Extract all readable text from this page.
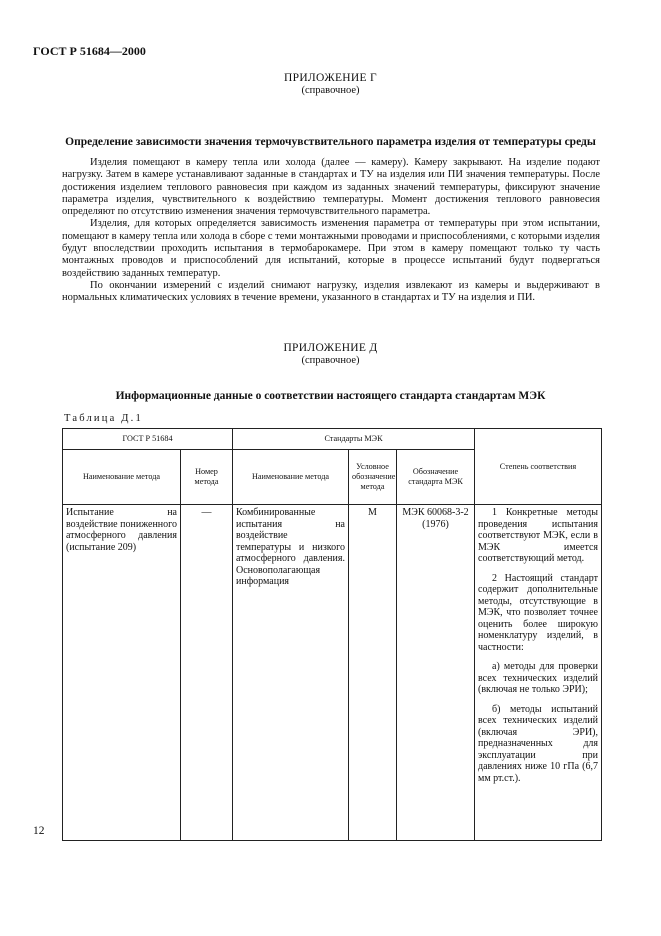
ГОСТ Р 51684—2000
ПРИЛОЖЕНИЕ Г
(справочное)
Определение зависимости значения термочувствительного параметра изделия от температуры среды

Изделия помещают в камеру тепла или холода (далее — камеру). Камеру закрывают. На изделие подают нагрузку. Затем в камере устанавливают заданные в стандартах и ТУ на изделия или ПИ значения температуры. После достижения изделием теплового равновесия при каждом из заданных значений температуры, фиксируют значение параметра изделия, чувствительного к воздействию температуры. Момент достижения теплового равновесия определяют по отсутствию изменения значения термочувствительного параметра.

Изделия, для которых определяется зависимость изменения параметра от температуры при этом испытании, помещают в камеру тепла или холода в сборе с теми монтажными проводами и приспособлениями, с которыми изделия будут впоследствии проходить испытания в термобарокамере. При этом в камеру помещают только ту часть монтажных проводов и приспособлений для испытаний, которые в процессе испытаний будут подвергаться воздействию заданных температур.

По окончании измерений с изделий снимают нагрузку, изделия извлекают из камеры и выдерживают в нормальных климатических условиях в течение времени, указанного в стандартах и ТУ на изделия и ПИ.

ПРИЛОЖЕНИЕ Д
(справочное)
Информационные данные о соответствии настоящего стандарта стандартам МЭК
Таблица Д.1
ГОСТ Р 51684		Стандарты МЭК			Степень соответствия
Наименование метода	Номер метода	Наименование метода	Условное обозначение метода	Обозначение стандарта МЭК	
Испытание на воздействие пониженного атмосферного давления (испытание 209)	—	Комбинированные испытания на воздействие температуры и низкого атмосферного давления. Основополагающая информация	М	МЭК 60068-3-2 (1976)	1 Конкретные методы проведения испытания соответствуют МЭК, если в МЭК имеется соответствующий метод.

2 Настоящий стандарт содержит дополнительные методы, отсутствующие в МЭК, что позволяет точнее оценить более широкую номенклатуру изделий, в частности:

а) методы для проверки всех технических изделий (включая не только ЭРИ);

б) методы испытаний всех технических изделий (включая ЭРИ), предназначенных для эксплуатации при давлениях ниже 10 гПа (6,7 мм рт.ст.).

12
